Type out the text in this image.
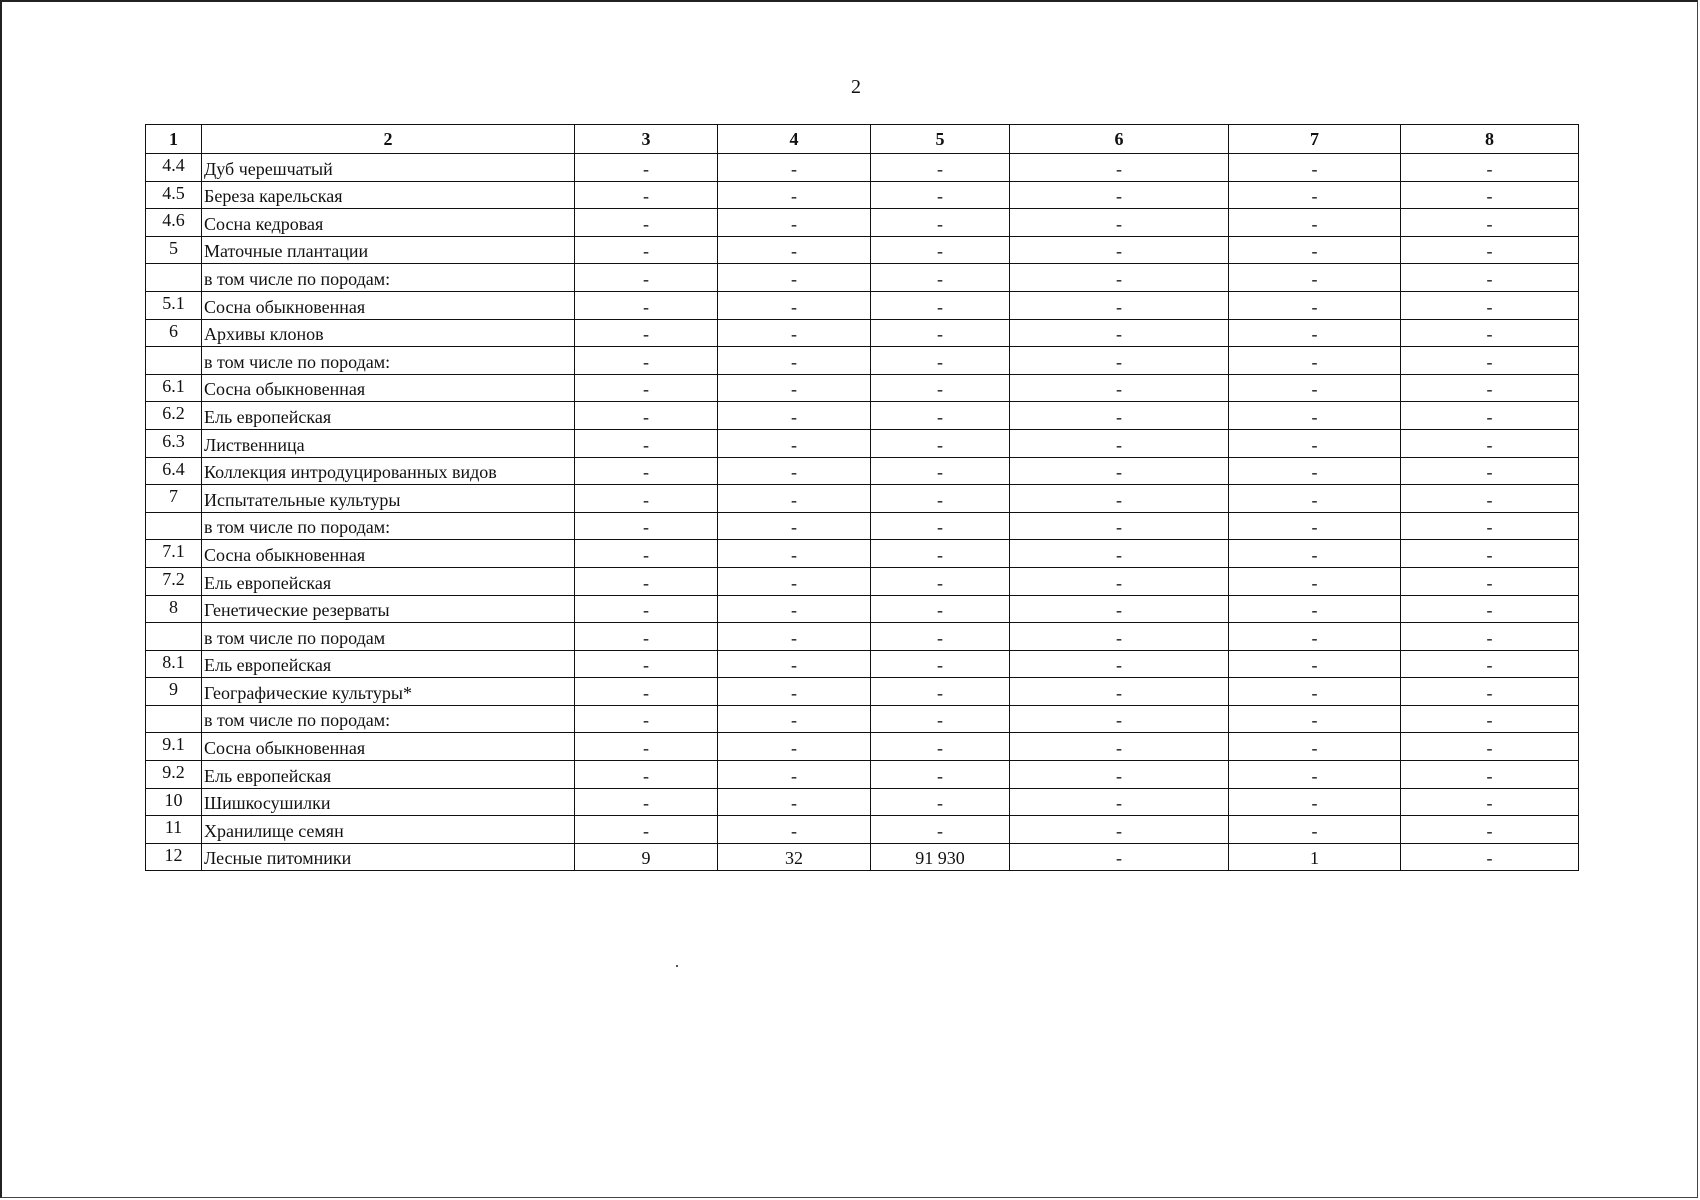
2
1	2	3	4	5	6	7	8
4.4	Дуб черешчатый	-	-	-	-	-	-
4.5	Береза карельская	-	-	-	-	-	-
4.6	Сосна кедровая	-	-	-	-	-	-
5	Маточные плантации	-	-	-	-	-	-
	в том числе по породам:	-	-	-	-	-	-
5.1	Сосна обыкновенная	-	-	-	-	-	-
6	Архивы клонов	-	-	-	-	-	-
	в том числе по породам:	-	-	-	-	-	-
6.1	Сосна обыкновенная	-	-	-	-	-	-
6.2	Ель европейская	-	-	-	-	-	-
6.3	Лиственница	-	-	-	-	-	-
6.4	Коллекция интродуцированных видов	-	-	-	-	-	-
7	Испытательные культуры	-	-	-	-	-	-
	в том числе по породам:	-	-	-	-	-	-
7.1	Сосна обыкновенная	-	-	-	-	-	-
7.2	Ель европейская	-	-	-	-	-	-
8	Генетические резерваты	-	-	-	-	-	-
	в том числе по породам	-	-	-	-	-	-
8.1	Ель европейская	-	-	-	-	-	-
9	Географические культуры*	-	-	-	-	-	-
	в том числе по породам:	-	-	-	-	-	-
9.1	Сосна обыкновенная	-	-	-	-	-	-
9.2	Ель европейская	-	-	-	-	-	-
10	Шишкосушилки	-	-	-	-	-	-
11	Хранилище семян	-	-	-	-	-	-
12	Лесные питомники	9	32	91 930	-	1	-
